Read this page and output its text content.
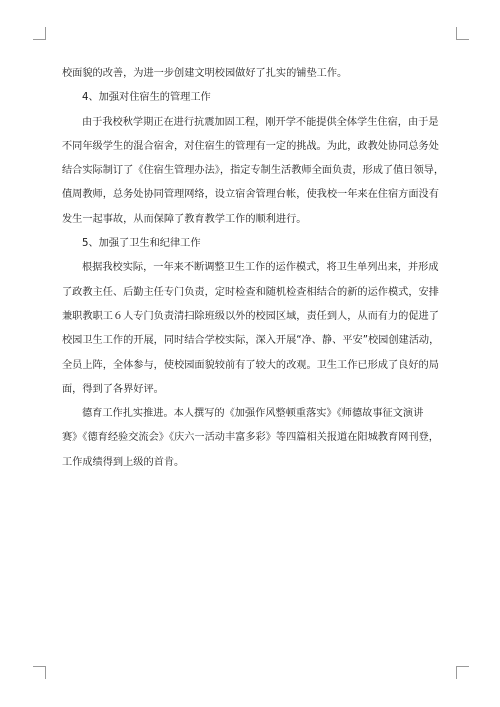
校面貌的改善，为进一步创建文明校园做好了扎实的铺垫工作。
4、加强对住宿生的管理工作
由于我校秋学期正在进行抗震加固工程，刚开学不能提供全体学生住宿，由于是
不同年级学生的混合宿舍，对住宿生的管理有一定的挑战。为此，政教处协同总务处
结合实际制订了《住宿生管理办法》，指定专制生活教师全面负责，形成了值日领导，
值周教师，总务处协同管理网络，设立宿舍管理台帐，使我校一年来在住宿方面没有
发生一起事故，从而保障了教育教学工作的顺利进行。
5、加强了卫生和纪律工作
根据我校实际，一年来不断调整卫生工作的运作模式，将卫生单列出来，并形成
了政教主任、后勤主任专门负责，定时检查和随机检查相结合的新的运作模式，安排
兼职教职工６人专门负责清扫除班级以外的校园区域，责任到人，从而有力的促进了
校园卫生工作的开展，同时结合学校实际，深入开展“净、静、平安”校园创建活动，
全员上阵，全体参与，使校园面貌较前有了较大的改观。卫生工作已形成了良好的局
面，得到了各界好评。
德育工作扎实推进。本人撰写的《加强作风整顿重落实》《师德故事征文演讲
赛》《德育经验交流会》《庆六一活动丰富多彩》等四篇相关报道在阳城教育网刊登，
工作成绩得到上级的首肯。
